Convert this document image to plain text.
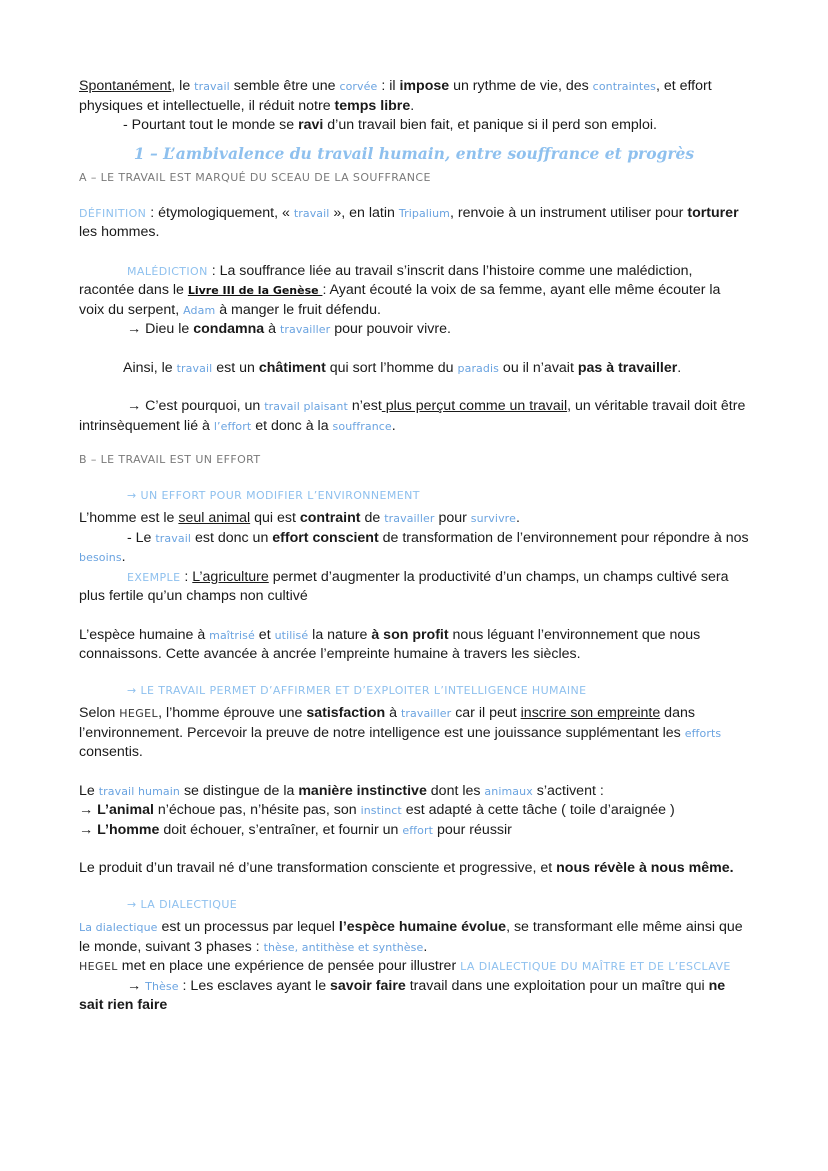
Spontanément, le travail semble être une corvée : il impose un rythme de vie, des contraintes, et effort physiques et intellectuelle, il réduit notre temps libre.

- Pourtant tout le monde se ravi d’un travail bien fait, et panique si il perd son emploi.

1 – L’ambivalence du travail humain, entre souffrance et progrès
A – LE TRAVAIL EST MARQUÉ DU SCEAU DE LA SOUFFRANCE

DÉFINITION : étymologiquement, « travail », en latin Tripalium, renvoie à un instrument utiliser pour torturer les hommes.

MALÉDICTION : La souffrance liée au travail s’inscrit dans l’histoire comme une malédiction, racontée dans le Livre III de la Genèse : Ayant écouté la voix de sa femme, ayant elle même écouter la voix du serpent, Adam à manger le fruit défendu.

→ Dieu le condamna à travailler pour pouvoir vivre.

Ainsi, le travail est un châtiment qui sort l’homme du paradis ou il n’avait pas à travailler.

→ C’est pourquoi, un travail plaisant n’est plus perçut comme un travail, un véritable travail doit être intrinsèquement lié à l’effort et donc à la souffrance.

B – LE TRAVAIL EST UN EFFORT
→ UN EFFORT POUR MODIFIER L’ENVIRONNEMENT

L’homme est le seul animal qui est contraint de travailler pour survivre.

- Le travail est donc un effort conscient de transformation de l’environnement pour répondre à nos besoins.

EXEMPLE : L’agriculture permet d’augmenter la productivité d’un champs, un champs cultivé sera plus fertile qu’un champs non cultivé

L’espèce humaine à maîtrisé et utilisé la nature à son profit nous léguant l’environnement que nous connaissons. Cette avancée à ancrée l’empreinte humaine à travers les siècles.

→ LE TRAVAIL PERMET D’AFFIRMER ET D’EXPLOITER L’INTELLIGENCE HUMAINE

Selon HEGEL, l’homme éprouve une satisfaction à travailler car il peut inscrire son empreinte dans l’environnement. Percevoir la preuve de notre intelligence est une jouissance supplémentant les efforts consentis.

Le travail humain se distingue de la manière instinctive dont les animaux s’activent :

→ L’animal n’échoue pas, n’hésite pas, son instinct est adapté à cette tâche ( toile d’araignée )

→ L’homme doit échouer, s’entraîner, et fournir un effort pour réussir

Le produit d’un travail né d’une transformation consciente et progressive, et nous révèle à nous même.

→ LA DIALECTIQUE

La dialectique est un processus par lequel l’espèce humaine évolue, se transformant elle même ainsi que le monde, suivant 3 phases : thèse, antithèse et synthèse.

HEGEL met en place une expérience de pensée pour illustrer LA DIALECTIQUE DU MAÎTRE ET DE L’ESCLAVE

→ Thèse : Les esclaves ayant le savoir faire travail dans une exploitation pour un maître qui ne sait rien faire
